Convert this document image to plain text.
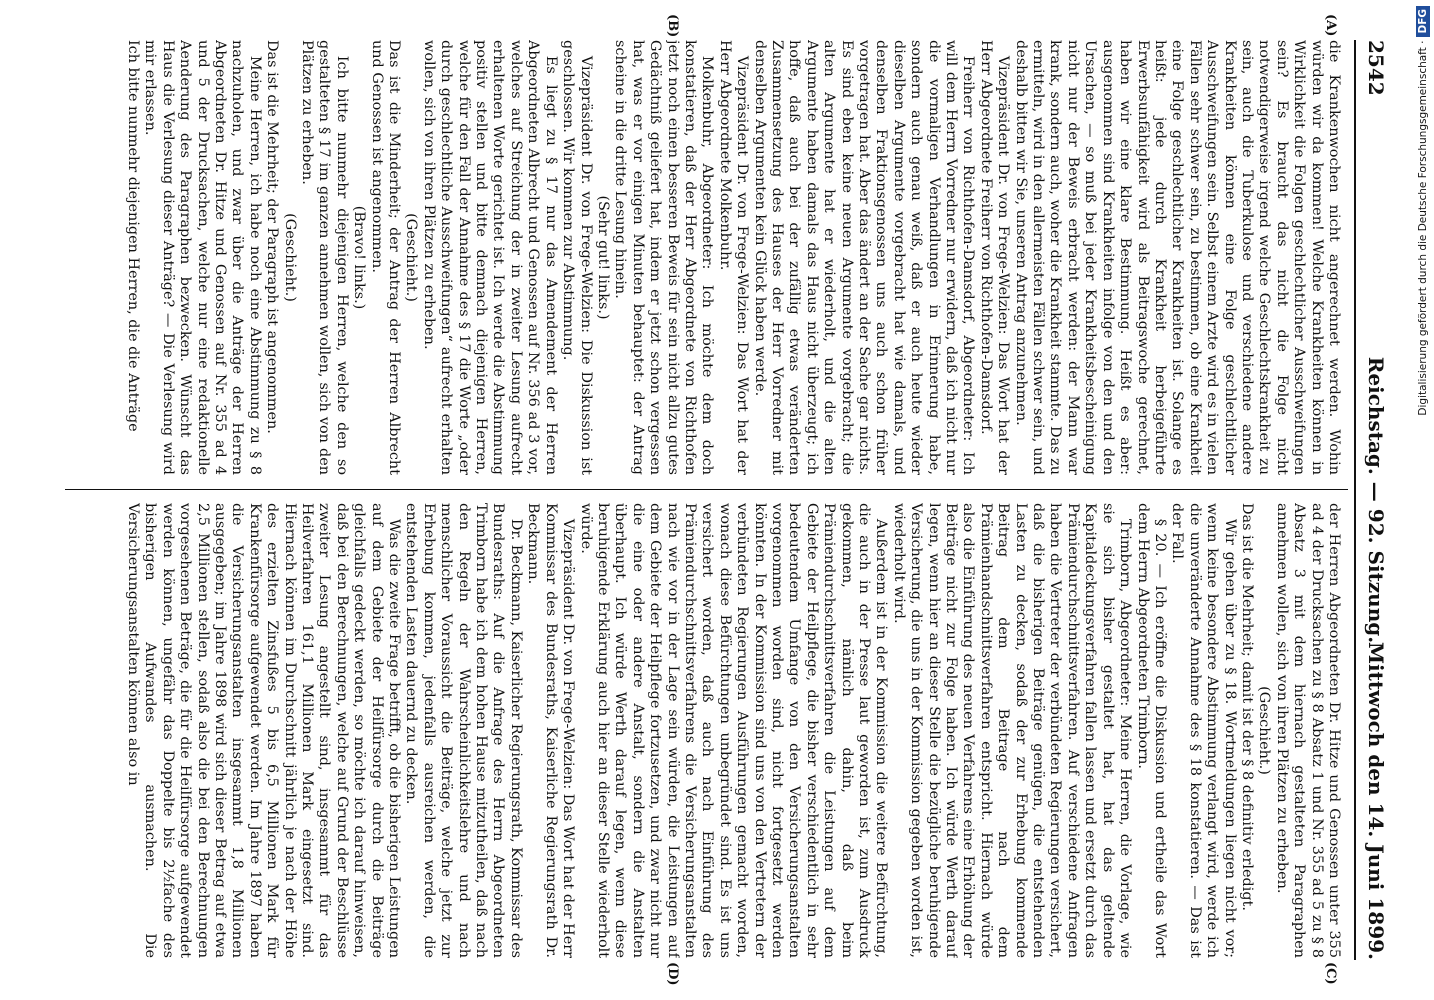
2542
Reichstag. — 92. Sitzung.
Mittwoch den 14. Juni 1899.
(A)
(B)
(C)
(D)

die Krankenwochen nicht angerechnet werden. Wohin würden wir da kommen! Welche Krankheiten können in Wirklichkeit die Folgen geschlechtlicher Ausschweifungen sein? Es braucht das nicht die Folge nicht notwendigerweise irgend welche Geschlechtskrankheit zu sein, auch die Tuberkulose und verschiedene andere Krankheiten können eine Folge geschlechtlicher Ausschweifungen sein. Selbst einem Arzte wird es in vielen Fällen sehr schwer sein, zu bestimmen, ob eine Krankheit eine Folge geschlechtlicher Krankheiten ist. Solange es heißt: jede durch Krankheit herbeigeführte Erwerbsunfähigkeit wird als Beitragswoche gerechnet, haben wir eine klare Bestimmung. Heißt es aber: ausgenommen sind Krankheiten infolge von den und den Ursachen, — so muß bei jeder Krankheitsbescheinigung nicht nur der Beweis erbracht werden: der Mann war krank, sondern auch, woher die Krankheit stammte. Das zu ermitteln, wird in den allermeisten Fällen schwer sein, und deshalb bitten wir Sie, unseren Antrag anzunehmen.

Vizepräsident Dr. von Frege-Welzien: Das Wort hat der Herr Abgeordnete Freiherr von Richthofen-Damsdorf.

Freiherr von Richthofen-Damsdorf, Abgeordneter: Ich will dem Herrn Vorredner nur erwidern, daß ich nicht nur die vormaligen Verhandlungen in Erinnerung habe, sondern auch genau weiß, daß er auch heute wieder dieselben Argumente vorgebracht hat wie damals, und denselben Fraktionsgenossen uns auch schon früher vorgetragen hat. Aber das ändert an der Sache gar nichts. Es sind eben keine neuen Argumente vorgebracht; die alten Argumente hat er wiederholt, und die alten Argumente haben damals das Haus nicht überzeugt; ich hoffe, daß auch bei der zufällig etwas veränderten Zusammensetzung des Hauses der Herr Vorredner mit denselben Argumenten kein Glück haben werde.

Vizepräsident Dr. von Frege-Welzien: Das Wort hat der Herr Abgeordnete Molkenbuhr.

Molkenbuhr, Abgeordneter: Ich möchte dem doch konstatieren, daß der Herr Abgeordnete von Richthofen jetzt noch einen besseren Beweis für sein nicht allzu gutes Gedächtniß geliefert hat, indem er jetzt schon vergessen hat, was er vor einigen Minuten behauptet: der Antrag scheine in die dritte Lesung hinein.

(Sehr gut! links.)

Vizepräsident Dr. von Frege-Welzien: Die Diskussion ist geschlossen. Wir kommen zur Abstimmung.

Es liegt zu § 17 nur das Amendement der Herren Abgeordneten Albrecht und Genossen auf Nr. 356 ad 3 vor, welches auf Streichung der in zweiter Lesung aufrecht erhaltenen Worte gerichtet ist. Ich werde die Abstimmung positiv stellen und bitte demnach diejenigen Herren, welche für den Fall der Annahme des § 17 die Worte „oder durch geschlechtliche Ausschweifungen“ aufrecht erhalten wollen, sich von ihren Plätzen zu erheben.

(Geschieht.)

Das ist die Minderheit; der Antrag der Herren Albrecht und Genossen ist angenommen.

(Bravo! links.)

Ich bitte nunmehr diejenigen Herren, welche den so gestalteten § 17 im ganzen annehmen wollen, sich von den Plätzen zu erheben.

(Geschieht.)

Das ist die Mehrheit; der Paragraph ist angenommen.

Meine Herren, ich habe noch eine Abstimmung zu § 8 nachzuholen, und zwar über die Anträge der Herren Abgeordneten Dr. Hitze und Genossen auf Nr. 355 ad 4 und 5 der Drucksachen, welche nur eine redaktionelle Aenderung des Paragraphen bezwecken. Wünscht das Haus die Verlesung dieser Anträge? — Die Verlesung wird mir erlassen.

Ich bitte nunmehr diejenigen Herren, die die Anträge

der Herren Abgeordneten Dr. Hitze und Genossen unter 355 ad 4 der Drucksachen zu § 8 Absatz 1 und Nr. 355 ad 5 zu § 8 Absatz 3 mit dem hiernach gestalteten Paragraphen annehmen wollen, sich von ihren Plätzen zu erheben.

(Geschieht.)

Das ist die Mehrheit; damit ist der § 8 definitiv erledigt.

Wir gehen über zu § 18. Wortmeldungen liegen nicht vor; wenn keine besondere Abstimmung verlangt wird, werde ich die unveränderte Annahme des § 18 konstatieren. — Das ist der Fall.

§ 20. — Ich eröffne die Diskussion und ertheile das Wort dem Herrn Abgeordneten Trimborn.

Trimborn, Abgeordneter: Meine Herren, die Vorlage, wie sie sich bisher gestaltet hat, hat das geltende Kapitaldeckungsverfahren fallen lassen und ersetzt durch das Prämiendurchschnittsverfahren. Auf verschiedene Anfragen haben die Vertreter der verbündeten Regierungen versichert, daß die bisherigen Beiträge genügen, die entstehenden Lasten zu decken, sodaß der zur Erhebung kommende Beitrag dem Beitrage nach dem Prämienhandschnittsverfahren entspricht. Hiernach würde also die Einführung des neuen Verfahrens eine Erhöhung der Beiträge nicht zur Folge haben. Ich würde Werth darauf legen, wenn hier an dieser Stelle die bezügliche beruhigende Versicherung, die uns in der Kommission gegeben worden ist, wiederholt wird.

Außerdem ist in der Kommission die weitere Befürchtung, die auch in der Presse laut geworden ist, zum Ausdruck gekommen, nämlich dahin, daß beim Prämiendurchschnittsverfahren die Leistungen auf dem Gebiete der Heilpflege, die bisher verschiedentlich in sehr bedeutendem Umfange von den Versicherungsanstalten vorgenommen worden sind, nicht fortgesetzt werden könnten. In der Kommission sind uns von den Vertretern der verbündeten Regierungen Ausführungen gemacht worden, wonach diese Befürchtungen unbegründet sind. Es ist uns versichert worden, daß auch nach Einführung des Prämiendurchschnittsverfahrens die Versicherungsanstalten nach wie vor in der Lage sein würden, die Leistungen auf dem Gebiete der Heilpflege fortzusetzen, und zwar nicht nur die eine oder andere Anstalt, sondern die Anstalten überhaupt. Ich würde Werth darauf legen, wenn diese beruhigende Erklärung auch hier an dieser Stelle wiederholt würde.

Vizepräsident Dr. von Frege-Welzien: Das Wort hat der Herr Kommissar des Bundesraths, Kaiserliche Regierungsrath Dr. Beckmann.

Dr. Beckmann, Kaiserlicher Regierungsrath, Kommissar des Bundesraths: Auf die Anfrage des Herrn Abgeordneten Trimborn habe ich dem hohen Hause mitzutheilen, daß nach den Regeln der Wahrscheinlichkeitslehre und nach menschlicher Voraussicht die Beiträge, welche jetzt zur Erhebung kommen, jedenfalls ausreichen werden, die entstehenden Lasten dauernd zu decken.

Was die zweite Frage betrifft, ob die bisherigen Leistungen auf dem Gebiete der Heilfürsorge durch die Beiträge gleichfalls gedeckt werden, so möchte ich darauf hinweisen, daß bei den Berechnungen, welche auf Grund der Beschlüsse zweiter Lesung angestellt sind, insgesammt für das Heilverfahren 161,1 Millionen Mark eingesetzt sind. Hiernach können im Durchschnitt jährlich je nach der Höhe des erzielten Zinsfußes 5 bis 6,5 Millionen Mark für Krankenfürsorge aufgewendet werden. Im Jahre 1897 haben die Versicherungsanstalten insgesammt 1,8 Millionen ausgegeben; im Jahre 1898 wird sich dieser Betrag auf etwa 2,5 Millionen stellen, sodaß also die bei den Berechnungen vorgesehenen Beträge, die für die Heilfürsorge aufgewendet werden können, ungefähr das Doppelte bis 2½fache des bisherigen Aufwandes ausmachen. Die Versicherungsanstalten können also in

Digitalisierung gefördert durch die Deutsche Forschungsgemeinschaft ·DFG
